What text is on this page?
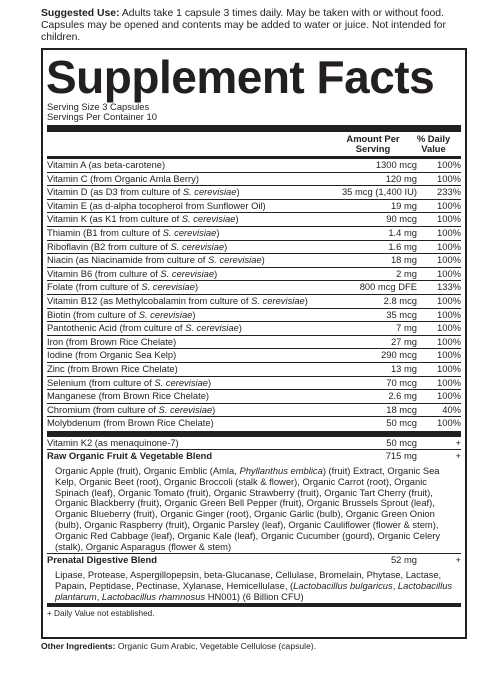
Suggested Use: Adults take 1 capsule 3 times daily. May be taken with or without food. Capsules may be opened and contents may be added to water or juice. Not intended for children.
Supplement Facts
Serving Size 3 Capsules
Servings Per Container 10
Amount Per Serving
% Daily Value
Vitamin A (as beta-carotene)	1300 mcg	100%
Vitamin C (from Organic Amla Berry)	120 mg	100%
Vitamin D (as D3 from culture of S. cerevisiae)	35 mcg (1,400 IU)	233%
Vitamin E (as d-alpha tocopherol from Sunflower Oil)	19 mg	100%
Vitamin K (as K1 from culture of S. cerevisiae)	90 mcg	100%
Thiamin (B1 from culture of S. cerevisiae)	1.4 mg	100%
Riboflavin (B2 from culture of S. cerevisiae)	1.6 mg	100%
Niacin (as Niacinamide from culture of S. cerevisiae)	18 mg	100%
Vitamin B6 (from culture of S. cerevisiae)	2 mg	100%
Folate (from culture of S. cerevisiae)	800 mcg DFE	133%
Vitamin B12 (as Methylcobalamin from culture of S. cerevisiae)	2.8 mcg	100%
Biotin (from culture of S. cerevisiae)	35 mcg	100%
Pantothenic Acid (from culture of S. cerevisiae)	7 mg	100%
Iron (from Brown Rice Chelate)	27 mg	100%
Iodine (from Organic Sea Kelp)	290 mcg	100%
Zinc (from Brown Rice Chelate)	13 mg	100%
Selenium (from culture of S. cerevisiae)	70 mcg	100%
Manganese (from Brown Rice Chelate)	2.6 mg	100%
Chromium (from culture of S. cerevisiae)	18 mcg	40%
Molybdenum (from Brown Rice Chelate)	50 mcg	100%
Vitamin K2 (as menaquinone-7)	50 mcg	+
Raw Organic Fruit & Vegetable Blend	715 mg	+
Organic Apple (fruit), Organic Emblic (Amla, Phyllanthus emblica) (fruit) Extract, Organic Sea Kelp, Organic Beet (root), Organic Broccoli (stalk & flower), Organic Carrot (root), Organic Spinach (leaf), Organic Tomato (fruit), Organic Strawberry (fruit), Organic Tart Cherry (fruit), Organic Blackberry (fruit), Organic Green Bell Pepper (fruit), Organic Brussels Sprout (leaf), Organic Blueberry (fruit), Organic Ginger (root), Organic Garlic (bulb), Organic Green Onion (bulb), Organic Raspberry (fruit), Organic Parsley (leaf), Organic Cauliflower (flower & stem), Organic Red Cabbage (leaf), Organic Kale (leaf), Organic Cucumber (gourd), Organic Celery (stalk), Organic Asparagus (flower & stem)
Prenatal Digestive Blend	52 mg	+
Lipase, Protease, Aspergillopepsin, beta-Glucanase, Cellulase, Bromelain, Phytase, Lactase, Papain, Peptidase, Pectinase, Xylanase, Hemicellulase, (Lactobacillus bulgaricus, Lactobacillus plantarum, Lactobacillus rhamnosus HN001) (6 Billion CFU)
+ Daily Value not established.
Other Ingredients: Organic Gum Arabic, Vegetable Cellulose (capsule).
